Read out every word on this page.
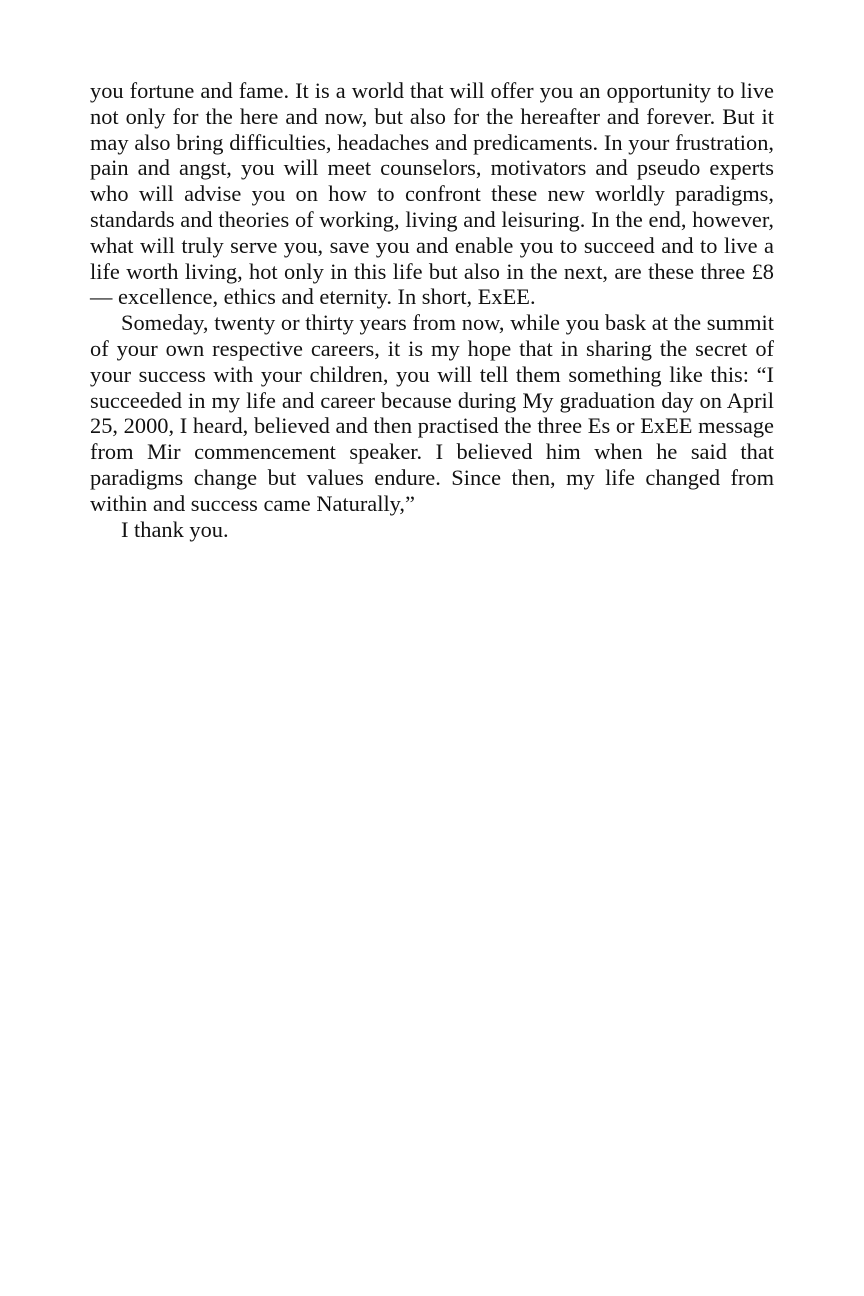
you fortune and fame. It is a world that will offer you an opportunity to live not only for the here and now, but also for the hereafter and forever. But it may also bring difficulties, headaches and predicaments. In your frustration, pain and angst, you will meet counselors, motivators and pseudo experts who will advise you on how to confront these new worldly paradigms, standards and theories of working, living and leisuring. In the end, however, what will truly serve you, save you and enable you to succeed and to live a life worth living, hot only in this life but also in the next, are these three £8 — excellence, ethics and eternity. In short, ExEE.

Someday, twenty or thirty years from now, while you bask at the summit of your own respective careers, it is my hope that in sharing the secret of your success with your children, you will tell them something like this: “I succeeded in my life and career because during My graduation day on April 25, 2000, I heard, believed and then practised the three Es or ExEE message from Mir commencement speaker. I believed him when he said that paradigms change but values endure. Since then, my life changed from within and success came Naturally,”

I thank you.
